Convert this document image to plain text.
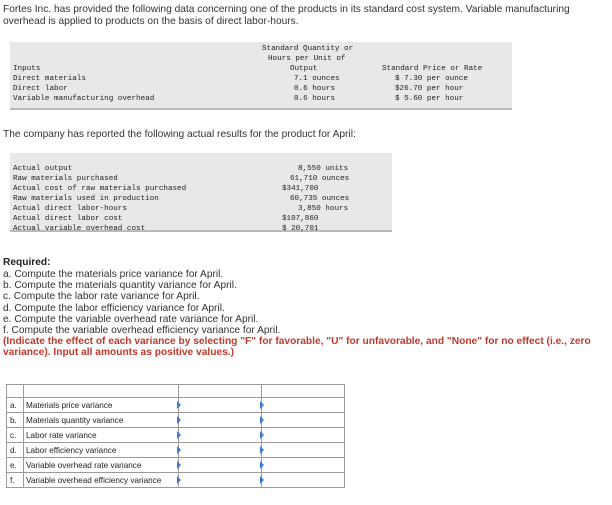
Fortes Inc. has provided the following data concerning one of the products in its standard cost system. Variable manufacturing overhead is applied to products on the basis of direct labor-hours.
Standard Quantity or
Hours per Unit of
Output	Standard Price or Rate
Inputs
Direct materials	7.1 ounces	$ 7.30 per ounce
Direct labor	0.6 hours	$26.70 per hour
Variable manufacturing overhead	0.6 hours	$ 5.60 per hour
The company has reported the following actual results for the product for April:
Actual output	8,550 units
Raw materials purchased	61,710 ounces
Actual cost of raw materials purchased	$341,700
Raw materials used in production	60,735 ounces
Actual direct labor-hours	3,850 hours
Actual direct labor cost	$107,860
Actual variable overhead cost	$ 20,701
Required:
a. Compute the materials price variance for April.
b. Compute the materials quantity variance for April.
c. Compute the labor rate variance for April.
d. Compute the labor efficiency variance for April.
e. Compute the variable overhead rate variance for April.
f. Compute the variable overhead efficiency variance for April.
(Indicate the effect of each variance by selecting "F" for favorable, "U" for unfavorable, and "None" for no effect (i.e., zero variance). Input all amounts as positive values.)

a.	Materials price variance	

b.	Materials quantity variance	

c.	Labor rate variance	

d.	Labor efficiency variance	

e.	Variable overhead rate variance	

f.	Variable overhead efficiency variance	
